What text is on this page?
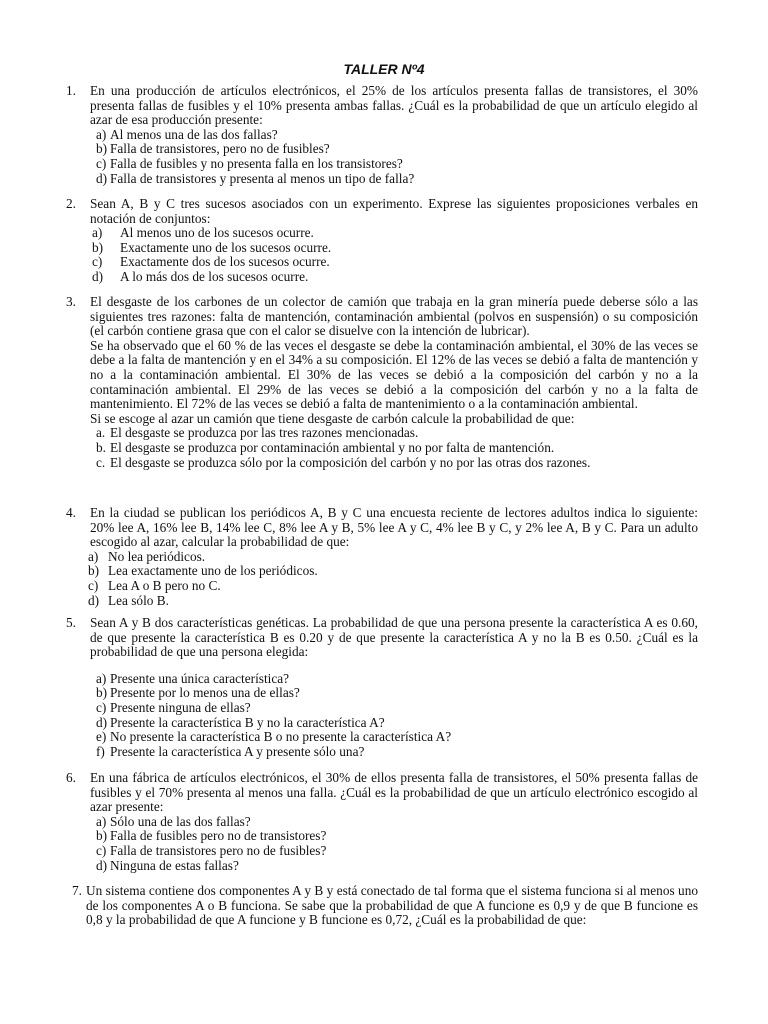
TALLER Nº4
1. En una producción de artículos electrónicos, el 25% de los artículos presenta fallas de transistores, el 30% presenta fallas de fusibles y el 10% presenta ambas fallas. ¿Cuál es la probabilidad de que un artículo elegido al azar de esa producción presente:
a) Al menos una de las dos fallas?
b) Falla de transistores, pero no de fusibles?
c) Falla de fusibles y no presenta falla en los transistores?
d) Falla de transistores y presenta al menos un tipo de falla?
2. Sean A, B y C tres sucesos asociados con un experimento. Exprese las siguientes proposiciones verbales en notación de conjuntos:
a) Al menos uno de los sucesos ocurre.
b) Exactamente uno de los sucesos ocurre.
c) Exactamente dos de los sucesos ocurre.
d) A lo más dos de los sucesos ocurre.
3. El desgaste de los carbones de un colector de camión que trabaja en la gran minería puede deberse sólo a las siguientes tres razones: falta de mantención, contaminación ambiental (polvos en suspensión) o su composición (el carbón contiene grasa que con el calor se disuelve con la intención de lubricar).
Se ha observado que el 60 % de las veces el desgaste se debe la contaminación ambiental, el 30% de las veces se debe a la falta de mantención y en el 34% a su composición. El 12% de las veces se debió a falta de mantención y no a la contaminación ambiental. El 30% de las veces se debió a la composición del carbón y no a la contaminación ambiental. El 29% de las veces se debió a la composición del carbón y no a la falta de mantenimiento. El 72% de las veces se debió a falta de mantenimiento o a la contaminación ambiental.
Si se escoge al azar un camión que tiene desgaste de carbón calcule la probabilidad de que:
a. El desgaste se produzca por las tres razones mencionadas.
b. El desgaste se produzca por contaminación ambiental y no por falta de mantención.
c. El desgaste se produzca sólo por la composición del carbón y no por las otras dos razones.
4. En la ciudad se publican los periódicos A, B y C una encuesta reciente de lectores adultos indica lo siguiente: 20% lee A, 16% lee B, 14% lee C, 8% lee A y B, 5% lee A y C, 4% lee B y C, y 2% lee A, B y C. Para un adulto escogido al azar, calcular la probabilidad de que:
a) No lea periódicos.
b) Lea exactamente uno de los periódicos.
c) Lea A o B pero no C.
d) Lea sólo B.
5. Sean A y B dos características genéticas. La probabilidad de que una persona presente la característica A es 0.60, de que presente la característica B es 0.20 y de que presente la característica A y no la B es 0.50. ¿Cuál es la probabilidad de que una persona elegida:
a) Presente una única característica?
b) Presente por lo menos una de ellas?
c) Presente ninguna de ellas?
d) Presente la característica B y no la característica A?
e) No presente la característica B o no presente la característica A?
f) Presente la característica A y presente sólo una?
6. En una fábrica de artículos electrónicos, el 30% de ellos presenta falla de transistores, el 50% presenta fallas de fusibles y el 70% presenta al menos una falla. ¿Cuál es la probabilidad de que un artículo electrónico escogido al azar presente:
a) Sólo una de las dos fallas?
b) Falla de fusibles pero no de transistores?
c) Falla de transistores pero no de fusibles?
d) Ninguna de estas fallas?
7. Un sistema contiene dos componentes A y B y está conectado de tal forma que el sistema funciona si al menos uno de los componentes A o B funciona. Se sabe que la probabilidad de que A funcione es 0,9 y de que B funcione es 0,8 y la probabilidad de que A funcione y B funcione es 0,72, ¿Cuál es la probabilidad de que:
